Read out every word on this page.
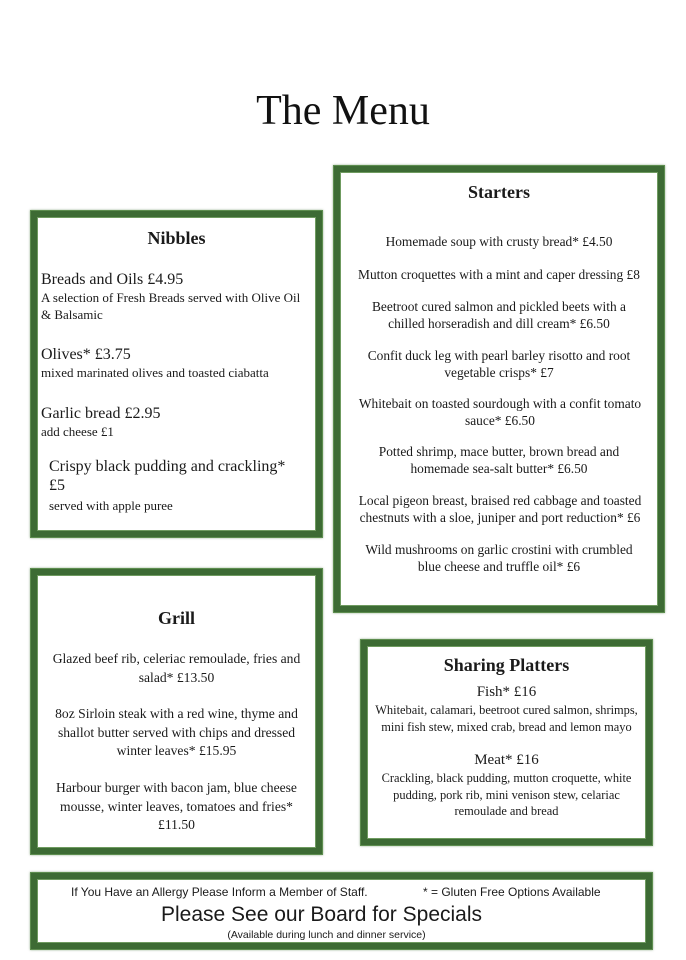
The Menu
Nibbles
Breads and Oils £4.95
A selection of Fresh Breads served with Olive Oil & Balsamic
Olives* £3.75
mixed marinated olives and toasted ciabatta
Garlic bread £2.95
add cheese £1
Crispy black pudding and crackling* £5
served with apple puree
Starters

Homemade soup with crusty bread* £4.50

Mutton croquettes with a mint and caper dressing £8

Beetroot cured salmon and pickled beets with a chilled horseradish and dill cream* £6.50

Confit duck leg with pearl barley risotto and root vegetable crisps* £7

Whitebait on toasted sourdough with a confit tomato sauce* £6.50

Potted shrimp, mace butter, brown bread and homemade sea-salt butter* £6.50

Local pigeon breast, braised red cabbage and toasted chestnuts with a sloe, juniper and port reduction* £6

Wild mushrooms on garlic crostini with crumbled blue cheese and truffle oil* £6

Grill
Glazed beef rib, celeriac remoulade, fries and salad* £13.50
8oz Sirloin steak with a red wine, thyme and shallot butter served with chips and dressed winter leaves* £15.95
Harbour burger with bacon jam, blue cheese mousse, winter leaves, tomatoes and fries* £11.50
Sharing Platters
Fish* £16
Whitebait, calamari, beetroot cured salmon, shrimps, mini fish stew, mixed crab, bread and lemon mayo
Meat* £16
Crackling, black pudding, mutton croquette, white pudding, pork rib, mini venison stew, celariac remoulade and bread
If You Have an Allergy Please Inform a Member of Staff.	* = Gluten Free Options Available
Please See our Board for Specials
(Available during lunch and dinner service)
